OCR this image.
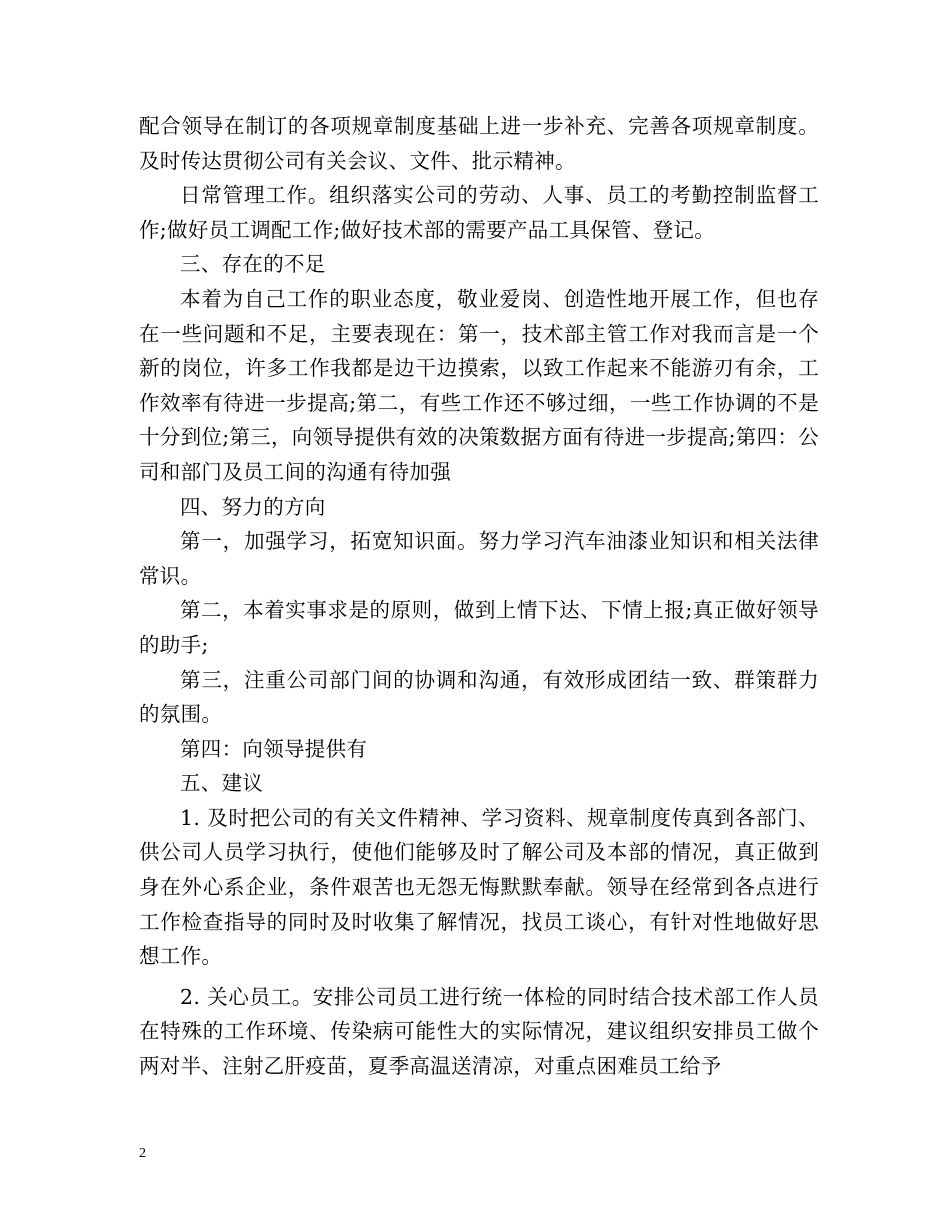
配合领导在制订的各项规章制度基础上进一步补充、完善各项规章制度。及时传达贯彻公司有关会议、文件、批示精神。

日常管理工作。组织落实公司的劳动、人事、员工的考勤控制监督工作;做好员工调配工作;做好技术部的需要产品工具保管、登记。

三、存在的不足

本着为自己工作的职业态度，敬业爱岗、创造性地开展工作，但也存在一些问题和不足，主要表现在：第一，技术部主管工作对我而言是一个新的岗位，许多工作我都是边干边摸索，以致工作起来不能游刃有余，工作效率有待进一步提高;第二，有些工作还不够过细，一些工作协调的不是十分到位;第三，向领导提供有效的决策数据方面有待进一步提高;第四：公司和部门及员工间的沟通有待加强

四、努力的方向

第一，加强学习，拓宽知识面。努力学习汽车油漆业知识和相关法律常识。

第二，本着实事求是的原则，做到上情下达、下情上报;真正做好领导的助手;

第三，注重公司部门间的协调和沟通，有效形成团结一致、群策群力的氛围。

第四：向领导提供有

五、建议

1. 及时把公司的有关文件精神、学习资料、规章制度传真到各部门、供公司人员学习执行，使他们能够及时了解公司及本部的情况，真正做到身在外心系企业，条件艰苦也无怨无悔默默奉献。领导在经常到各点进行工作检查指导的同时及时收集了解情况，找员工谈心，有针对性地做好思想工作。

2. 关心员工。安排公司员工进行统一体检的同时结合技术部工作人员在特殊的工作环境、传染病可能性大的实际情况，建议组织安排员工做个两对半、注射乙肝疫苗，夏季高温送清凉，对重点困难员工给予

2
